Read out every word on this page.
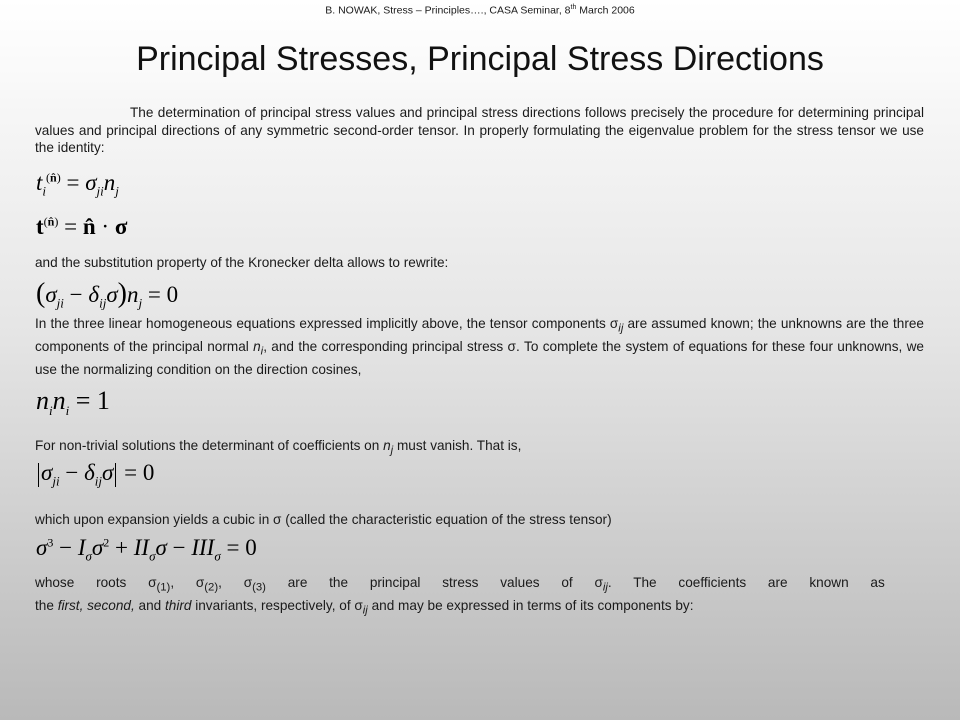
B. NOWAK, Stress – Principles…., CASA Seminar, 8th March 2006
Principal Stresses, Principal Stress Directions
The determination of principal stress values and principal stress directions follows precisely the procedure for determining principal values and principal directions of any symmetric second-order tensor. In properly formulating the eigenvalue problem for the stress tensor we use the identity:
$t_i^{(n̂)} = \sigma_{ji}n_j$
$t^{(n̂)}$ = n̂ · σ
and the substitution property of the Kronecker delta allows to rewrite:
$(\sigma_{ji} - \delta_{ij}\sigma)n_j = 0$
In the three linear homogeneous equations expressed implicitly above, the tensor components $\sigma_{ij}$ are assumed known; the unknowns are the three components of the principal normal $n_i$, and the corresponding principal stress σ. To complete the system of equations for these four unknowns, we use the normalizing condition on the direction cosines,
$n_in_i = 1$
For non-trivial solutions the determinant of coefficients on $n_j$ must vanish. That is,
$\sigma_{ji} - \delta_{ij}\sigma = 0$
which upon expansion yields a cubic in σ (called the characteristic equation of the stress tensor)
$\sigma^3 - I_\sigma\sigma^2 + II_\sigma\sigma - III_\sigma = 0$
whose roots $\sigma_{(1)}$, $\sigma_{(2)}$, $\sigma_{(3)}$ are the principal stress values of $\sigma_{ij}$. The coefficients are known as
the first, second, and third invariants, respectively, of $\sigma_{ij}$ and may be expressed in terms of its components by:
